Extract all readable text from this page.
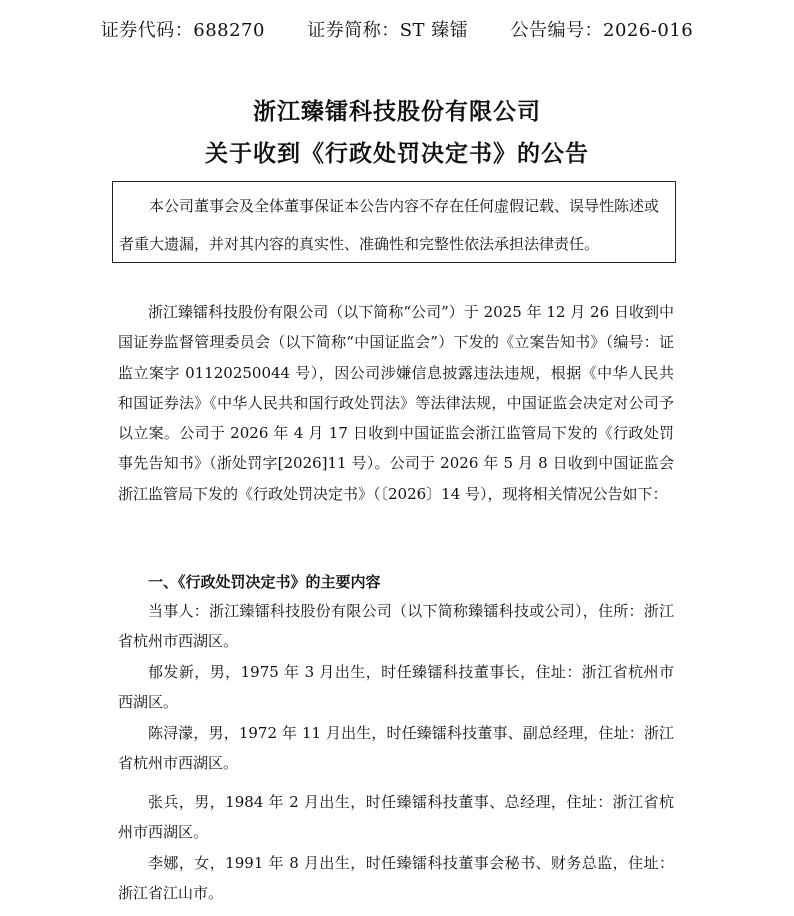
证券代码：688270 证券简称：ST 臻镭 公告编号：2026-016
浙江臻镭科技股份有限公司
关于收到《行政处罚决定书》的公告

本公司董事会及全体董事保证本公告内容不存在任何虚假记载、误导性陈述或者重大遗漏，并对其内容的真实性、准确性和完整性依法承担法律责任。

浙江臻镭科技股份有限公司（以下简称“公司”）于 2025 年 12 月 26 日收到中国证券监督管理委员会（以下简称“中国证监会”）下发的《立案告知书》（编号：证监立案字 01120250044 号），因公司涉嫌信息披露违法违规，根据《中华人民共和国证券法》《中华人民共和国行政处罚法》等法律法规，中国证监会决定对公司予以立案。公司于 2026 年 4 月 17 日收到中国证监会浙江监管局下发的《行政处罚事先告知书》（浙处罚字[2026]11 号）。公司于 2026 年 5 月 8 日收到中国证监会浙江监管局下发的《行政处罚决定书》（〔2026〕14 号），现将相关情况公告如下：

一、《行政处罚决定书》的主要内容

当事人：浙江臻镭科技股份有限公司（以下简称臻镭科技或公司），住所：浙江省杭州市西湖区。

郁发新，男，1975 年 3 月出生，时任臻镭科技董事长，住址：浙江省杭州市西湖区。

陈浔濛，男，1972 年 11 月出生，时任臻镭科技董事、副总经理，住址：浙江省杭州市西湖区。

张兵，男，1984 年 2 月出生，时任臻镭科技董事、总经理，住址：浙江省杭州市西湖区。

李娜，女，1991 年 8 月出生，时任臻镭科技董事会秘书、财务总监，住址：浙江省江山市。
